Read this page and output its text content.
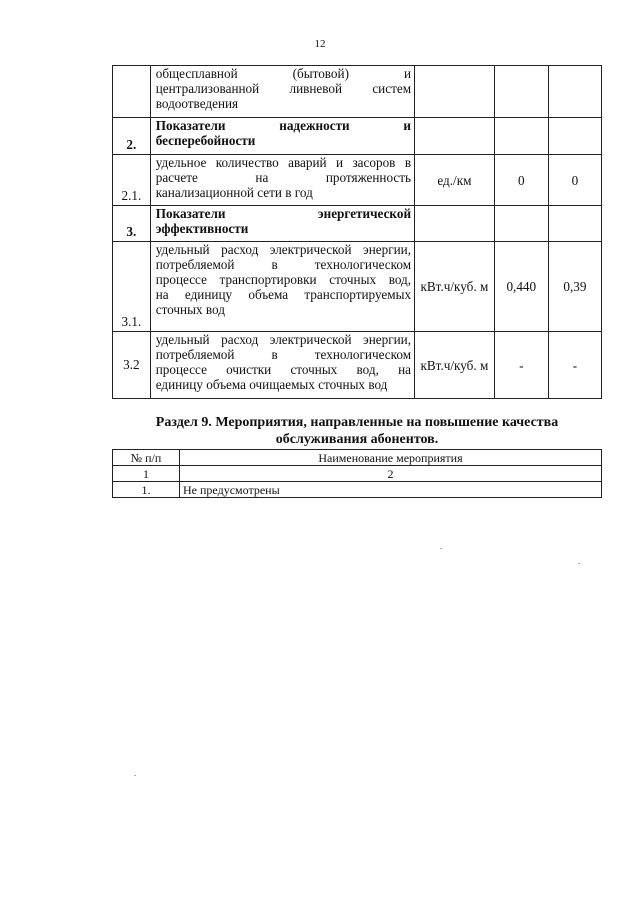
12

	общесплавной (бытовой) и
централизованной ливневой систем
водоотведения			
2.	Показатели надежности и
бесперебойности			
2.1.	удельное количество аварий и засоров в
расчете на протяженность
канализационной сети в год	ед./км	0	0
3.	Показатели энергетической
эффективности			
3.1.	удельный расход электрической энергии,
потребляемой в технологическом
процессе транспортировки сточных вод,
на единицу объема транспортируемых
сточных вод	кВт.ч/куб. м	0,440	0,39
3.2	удельный расход электрической энергии,
потребляемой в технологическом
процессе очистки сточных вод, на
единицу объема очищаемых сточных вод	кВт.ч/куб. м	-	-
Раздел 9. Мероприятия, направленные на повышение качества
обслуживания абонентов.
№ п/п	Наименование мероприятия
1	2
1.	Не предусмотрены
